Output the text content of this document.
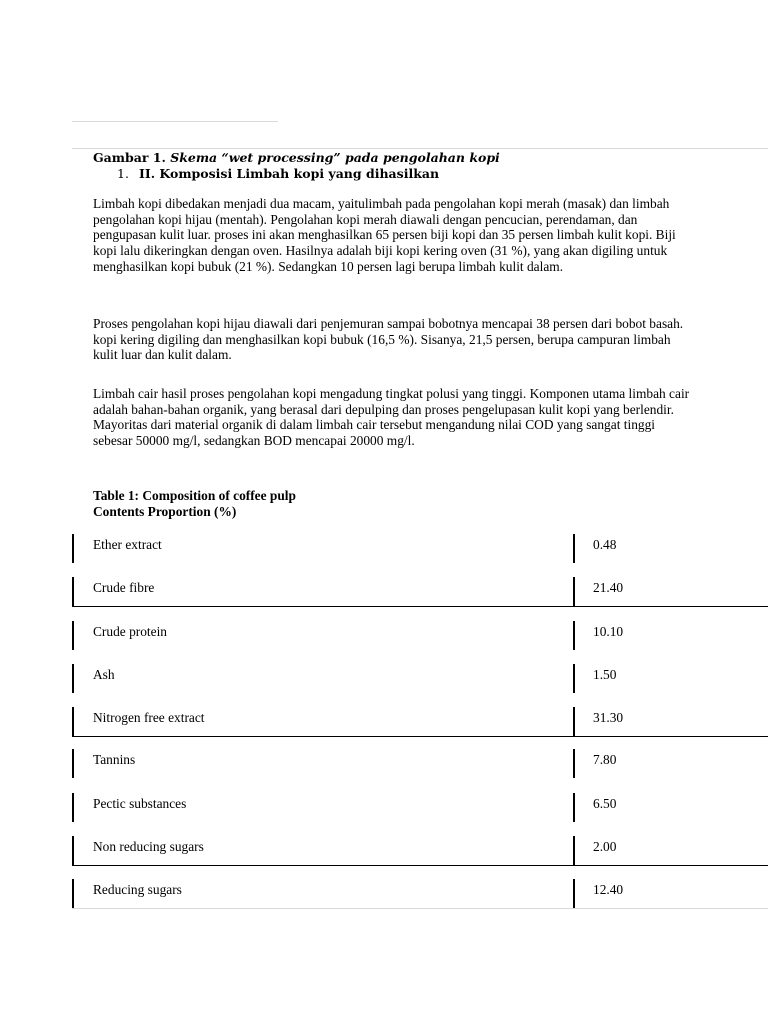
Gambar 1. Skema “wet processing” pada pengolahan kopi

1. II. Komposisi Limbah kopi yang dihasilkan

Limbah kopi dibedakan menjadi dua macam, yaitulimbah pada pengolahan kopi merah (masak) dan limbah pengolahan kopi hijau (mentah). Pengolahan kopi merah diawali dengan pencucian, perendaman, dan pengupasan kulit luar. proses ini akan menghasilkan 65 persen biji kopi dan 35 persen limbah kulit kopi. Biji kopi lalu dikeringkan dengan oven. Hasilnya adalah biji kopi kering oven (31 %), yang akan digiling untuk menghasilkan kopi bubuk (21 %). Sedangkan 10 persen lagi berupa limbah kulit dalam.

Proses pengolahan kopi hijau diawali dari penjemuran sampai bobotnya mencapai 38 persen dari bobot basah. kopi kering digiling dan menghasilkan kopi bubuk (16,5 %). Sisanya, 21,5 persen, berupa campuran limbah kulit luar dan kulit dalam.

Limbah cair hasil proses pengolahan kopi mengadung tingkat polusi yang tinggi. Komponen utama limbah cair adalah bahan-bahan organik, yang berasal dari depulping dan proses pengelupasan kulit kopi yang berlendir. Mayoritas dari material organik di dalam limbah cair tersebut mengandung nilai COD yang sangat tinggi sebesar 50000 mg/l, sedangkan BOD mencapai 20000 mg/l.

Table 1: Composition of coffee pulp

Contents Proportion (%)

Ether extract	0.48
Crude fibre	21.40
Crude protein	10.10
Ash	1.50
Nitrogen free extract	31.30
Tannins	7.80
Pectic substances	6.50
Non reducing sugars	2.00
Reducing sugars	12.40
